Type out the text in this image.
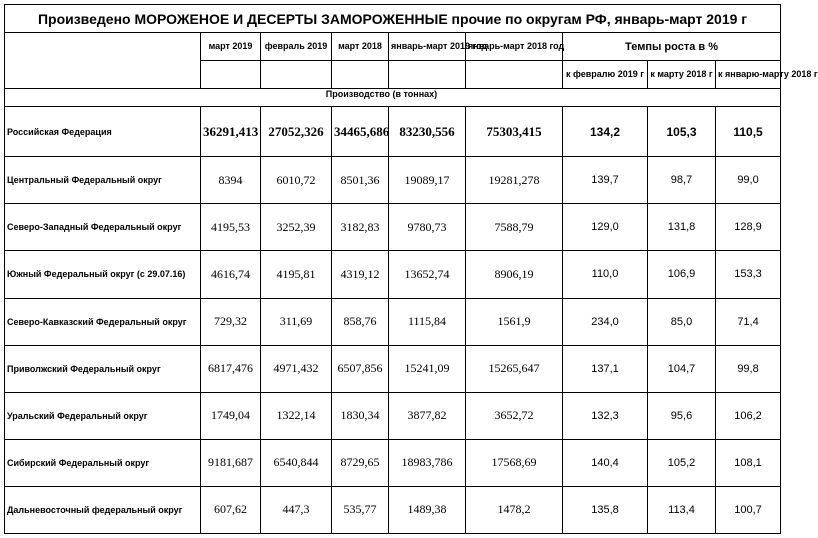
Произведено МОРОЖЕНОЕ И ДЕСЕРТЫ ЗАМОРОЖЕННЫЕ прочие по округам РФ, январь-март 2019 г								
	март 2019	февраль 2019	март 2018	январь-март 2019 год	январь-март 2018 год	Темпы роста в %		
						к февралю 2019 г	к марту 2018 г	к январю-марту 2018 г
	Производство (в тоннах)							
Российская Федерация	36291,413	27052,326	34465,686	83230,556	75303,415	134,2	105,3	110,5
Центральный Федеральный округ	8394	6010,72	8501,36	19089,17	19281,278	139,7	98,7	99,0
Северо-Западный Федеральный округ	4195,53	3252,39	3182,83	9780,73	7588,79	129,0	131,8	128,9
Южный Федеральный округ (с 29.07.16)	4616,74	4195,81	4319,12	13652,74	8906,19	110,0	106,9	153,3
Северо-Кавказский Федеральный округ	729,32	311,69	858,76	1115,84	1561,9	234,0	85,0	71,4
Приволжский Федеральный округ	6817,476	4971,432	6507,856	15241,09	15265,647	137,1	104,7	99,8
Уральский Федеральный округ	1749,04	1322,14	1830,34	3877,82	3652,72	132,3	95,6	106,2
Сибирский Федеральный округ	9181,687	6540,844	8729,65	18983,786	17568,69	140,4	105,2	108,1
Дальневосточный федеральный округ	607,62	447,3	535,77	1489,38	1478,2	135,8	113,4	100,7
